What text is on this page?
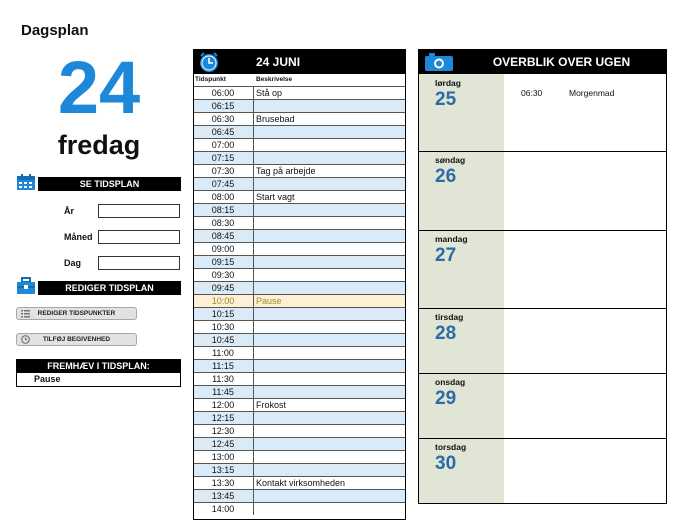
Dagsplan
24
fredag
SE TIDSPLAN
År
Måned
Dag
REDIGER TIDSPLAN
REDIGER TIDSPUNKTER
TILFØJ BEGIVENHED
FREMHÆV I TIDSPLAN:
Pause
24 JUNI
Tidspunkt	Beskrivelse
06:00	Stå op
06:15
06:30	Brusebad
06:45
07:00
07:15
07:30	Tag på arbejde
07:45
08:00	Start vagt
08:15
08:30
08:45
09:00
09:15
09:30
09:45
10:00	Pause
10:15
10:30
10:45
11:00
11:15
11:30
11:45
12:00	Frokost
12:15
12:30
12:45
13:00
13:15
13:30	Kontakt virksomheden
13:45
14:00
OVERBLIK OVER UGEN
lørdag
25	06:30	Morgenmad
søndag
26
mandag
27
tirsdag
28
onsdag
29
torsdag
30
